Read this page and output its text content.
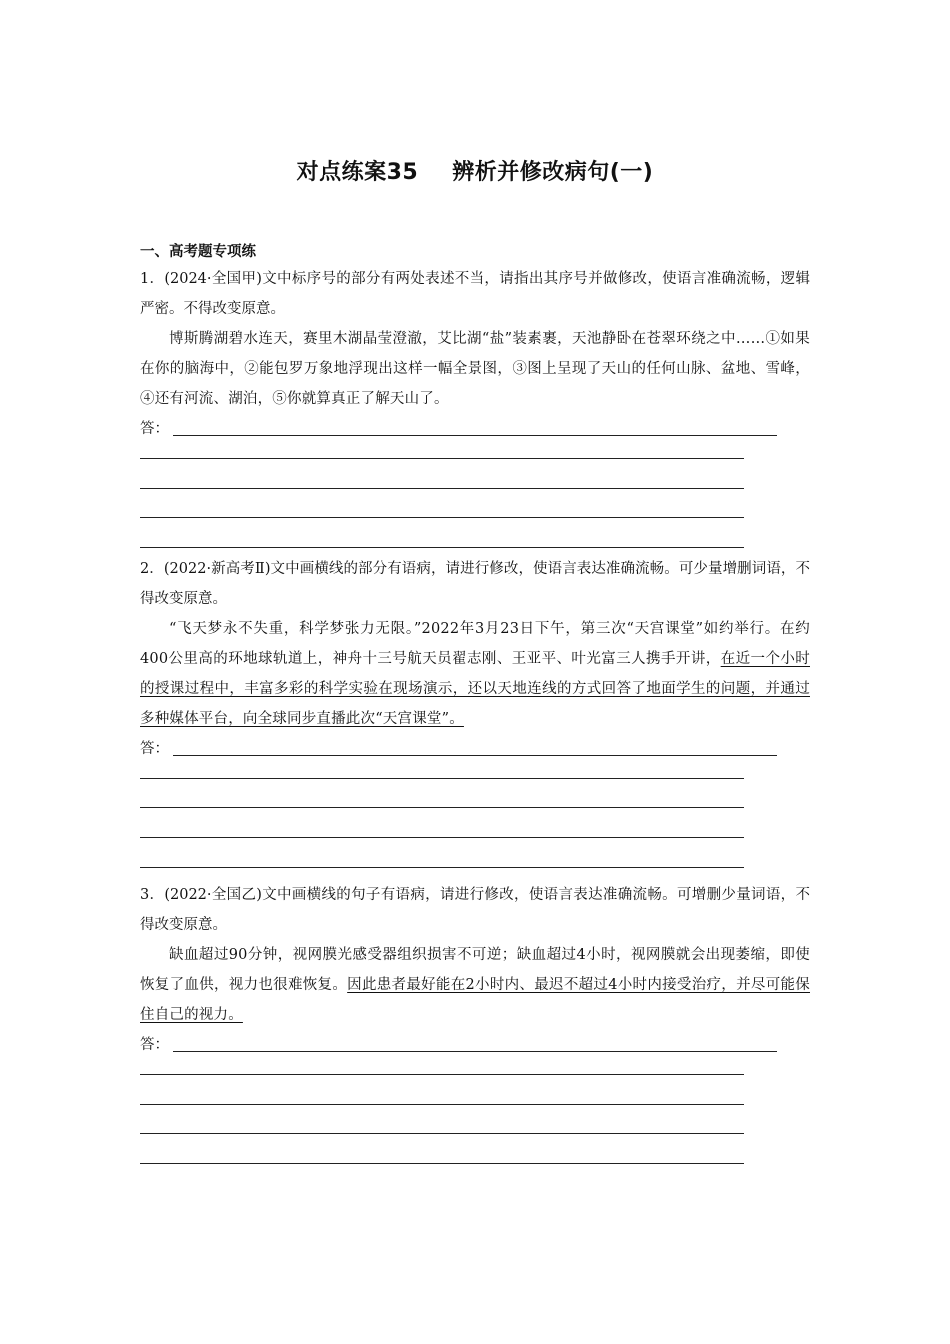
对点练案35 辨析并修改病句(一)
一、高考题专项练
1．(2024·全国甲)文中标序号的部分有两处表述不当，请指出其序号并做修改，使语言准确流畅，逻辑严密。不得改变原意。
博斯腾湖碧水连天，赛里木湖晶莹澄澈，艾比湖“盐”装素裹，天池静卧在苍翠环绕之中……①如果在你的脑海中，②能包罗万象地浮现出这样一幅全景图，③图上呈现了天山的任何山脉、盆地、雪峰，④还有河流、湖泊，⑤你就算真正了解天山了。
答：
2．(2022·新高考Ⅱ)文中画横线的部分有语病，请进行修改，使语言表达准确流畅。可少量增删词语，不得改变原意。
“飞天梦永不失重，科学梦张力无限。”2022年3月23日下午，第三次“天宫课堂”如约举行。在约400公里高的环地球轨道上，神舟十三号航天员翟志刚、王亚平、叶光富三人携手开讲，在近一个小时的授课过程中，丰富多彩的科学实验在现场演示，还以天地连线的方式回答了地面学生的问题，并通过多种媒体平台，向全球同步直播此次“天宫课堂”。
答：
3．(2022·全国乙)文中画横线的句子有语病，请进行修改，使语言表达准确流畅。可增删少量词语，不得改变原意。
缺血超过90分钟，视网膜光感受器组织损害不可逆；缺血超过4小时，视网膜就会出现萎缩，即使恢复了血供，视力也很难恢复。因此患者最好能在2小时内、最迟不超过4小时内接受治疗，并尽可能保住自己的视力。
答：
